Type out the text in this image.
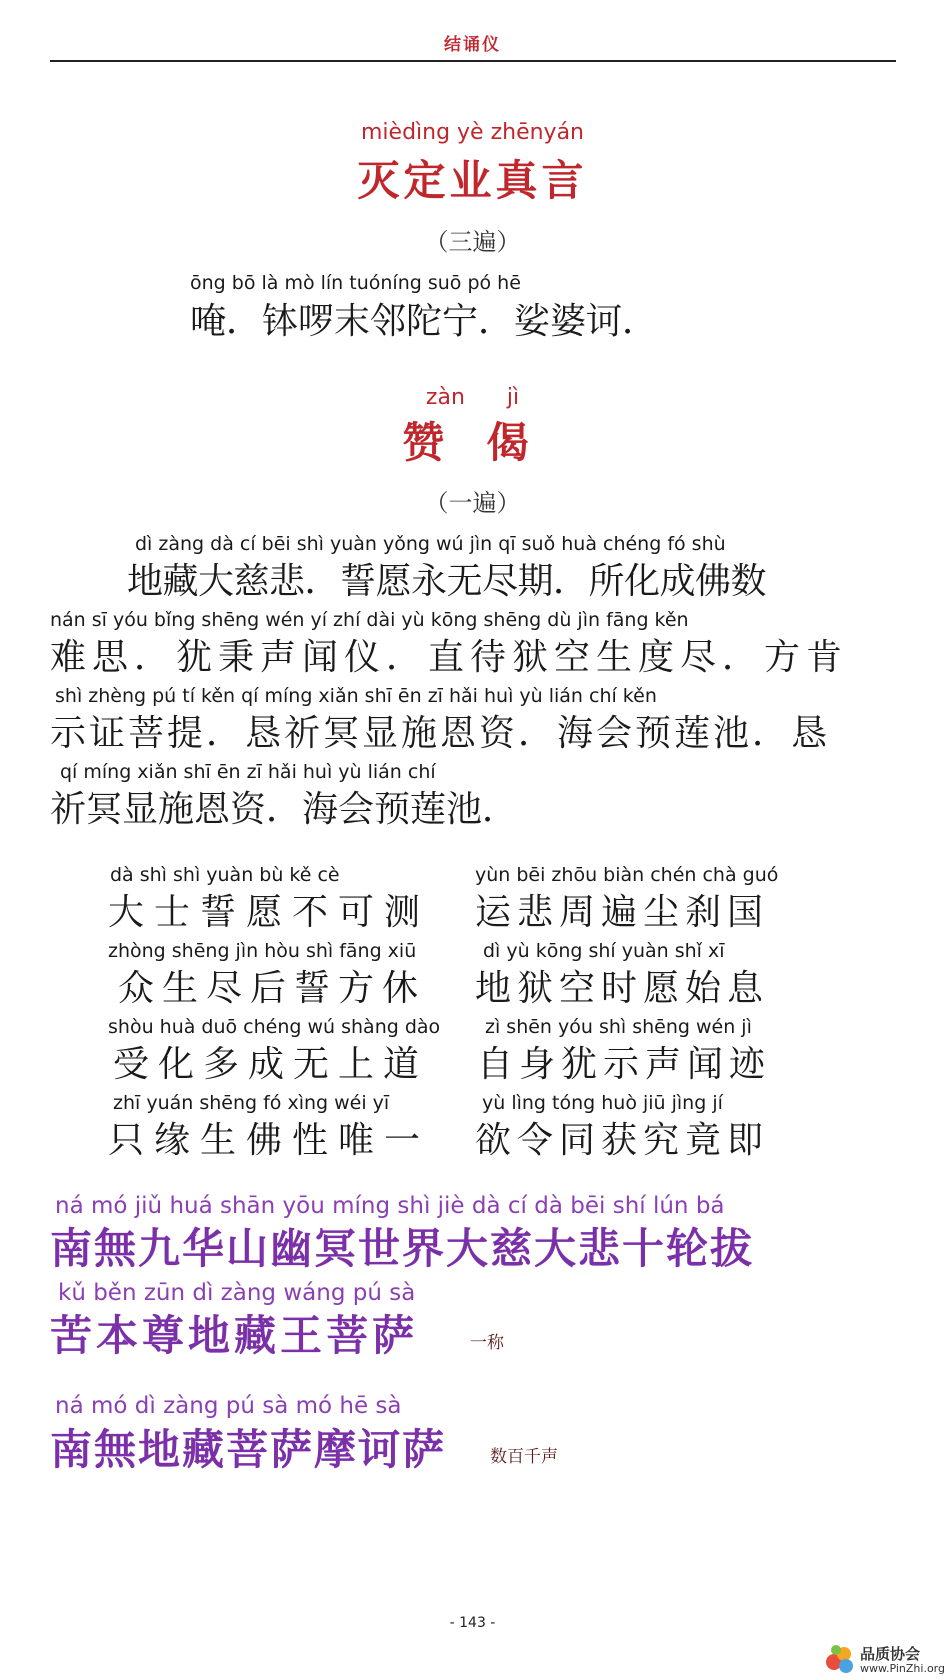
结诵仪
mièdìng yè zhēnyán
灭定业真言
（三遍）
ōng bō là mò lín tuóníng suō pó hē
唵．钵啰末邻陀宁．娑婆诃．
zàn      jì
赞 偈
（一遍）
dì zàng dà cí bēi shì yuàn yǒng wú jìn qī suǒ huà chéng fó shù
地藏大慈悲．誓愿永无尽期．所化成佛数
nán sī yóu bǐng shēng wén yí zhí dài yù kōng shēng dù jìn fāng kěn
难思．犹秉声闻仪．直待狱空生度尽．方肯
shì zhèng pú tí kěn qí míng xiǎn shī ēn zī hǎi huì yù lián chí kěn
示证菩提．恳祈冥显施恩资．海会预莲池．恳
qí míng xiǎn shī ēn zī hǎi huì yù lián chí
祈冥显施恩资．海会预莲池．
dà shì shì yuàn bù kě cè
大士誓愿不可测
yùn bēi zhōu biàn chén chà guó
运悲周遍尘刹国
zhòng shēng jìn hòu shì fāng xiū
众生尽后誓方休
dì yù kōng shí yuàn shǐ xī
地狱空时愿始息
shòu huà duō chéng wú shàng dào
受化多成无上道
zì shēn yóu shì shēng wén jì
自身犹示声闻迹
zhī yuán shēng fó xìng wéi yī
只缘生佛性唯一
yù lìng tóng huò jiū jìng jí
欲令同获究竟即
ná mó jiǔ huá shān yōu míng shì jiè dà cí dà bēi shí lún bá
南無九华山幽冥世界大慈大悲十轮拔
kǔ běn zūn dì zàng wáng pú sà
苦本尊地藏王菩萨	一称
ná mó dì zàng pú sà mó hē sà
南無地藏菩萨摩诃萨	数百千声
- 143 -
品质协会
www.PinZhi.org
